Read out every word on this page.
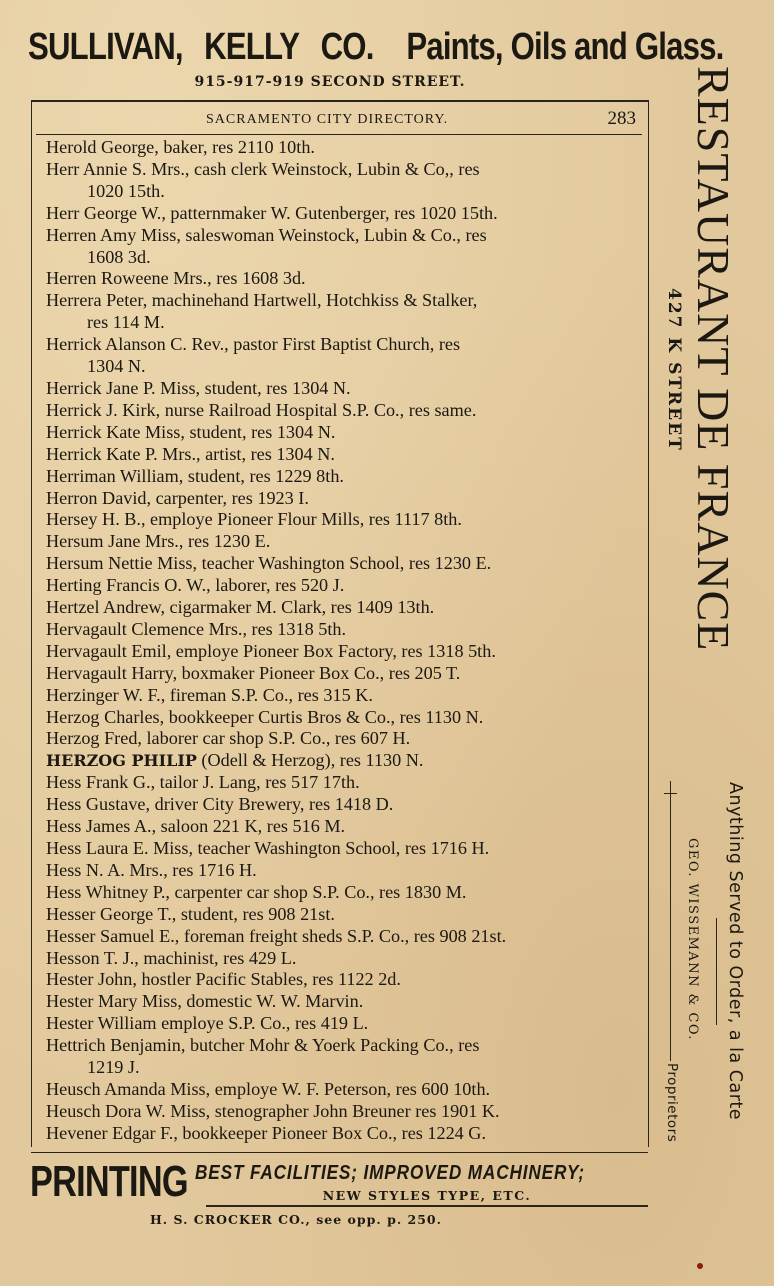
SULLIVAN, KELLY CO. Paints, Oils and Glass.
915-917-919 SECOND STREET.
SACRAMENTO CITY DIRECTORY.	283
Herold George, baker, res 2110 10th.
Herr Annie S. Mrs., cash clerk Weinstock, Lubin & Co,, res
1020 15th.
Herr George W., patternmaker W. Gutenberger, res 1020 15th.
Herren Amy Miss, saleswoman Weinstock, Lubin & Co., res
1608 3d.
Herren Roweene Mrs., res 1608 3d.
Herrera Peter, machinehand Hartwell, Hotchkiss & Stalker,
res 114 M.
Herrick Alanson C. Rev., pastor First Baptist Church, res
1304 N.
Herrick Jane P. Miss, student, res 1304 N.
Herrick J. Kirk, nurse Railroad Hospital S.P. Co., res same.
Herrick Kate Miss, student, res 1304 N.
Herrick Kate P. Mrs., artist, res 1304 N.
Herriman William, student, res 1229 8th.
Herron David, carpenter, res 1923 I.
Hersey H. B., employe Pioneer Flour Mills, res 1117 8th.
Hersum Jane Mrs., res 1230 E.
Hersum Nettie Miss, teacher Washington School, res 1230 E.
Herting Francis O. W., laborer, res 520 J.
Hertzel Andrew, cigarmaker M. Clark, res 1409 13th.
Hervagault Clemence Mrs., res 1318 5th.
Hervagault Emil, employe Pioneer Box Factory, res 1318 5th.
Hervagault Harry, boxmaker Pioneer Box Co., res 205 T.
Herzinger W. F., fireman S.P. Co., res 315 K.
Herzog Charles, bookkeeper Curtis Bros & Co., res 1130 N.
Herzog Fred, laborer car shop S.P. Co., res 607 H.
HERZOG PHILIP (Odell & Herzog), res 1130 N.
Hess Frank G., tailor J. Lang, res 517 17th.
Hess Gustave, driver City Brewery, res 1418 D.
Hess James A., saloon 221 K, res 516 M.
Hess Laura E. Miss, teacher Washington School, res 1716 H.
Hess N. A. Mrs., res 1716 H.
Hess Whitney P., carpenter car shop S.P. Co., res 1830 M.
Hesser George T., student, res 908 21st.
Hesser Samuel E., foreman freight sheds S.P. Co., res 908 21st.
Hesson T. J., machinist, res 429 L.
Hester John, hostler Pacific Stables, res 1122 2d.
Hester Mary Miss, domestic W. W. Marvin.
Hester William employe S.P. Co., res 419 L.
Hettrich Benjamin, butcher Mohr & Yoerk Packing Co., res
1219 J.
Heusch Amanda Miss, employe W. F. Peterson, res 600 10th.
Heusch Dora W. Miss, stenographer John Breuner res 1901 K.
Hevener Edgar F., bookkeeper Pioneer Box Co., res 1224 G.
PRINTING BEST FACILITIES; IMPROVED MACHINERY;
NEW STYLES TYPE, ETC.
H. S. CROCKER CO., see opp. p. 250.
RESTAURANT DE FRANCE
427 K STREET
Anything Served to Order, a la Carte
GEO. WISSEMANN & CO.
Proprietors
